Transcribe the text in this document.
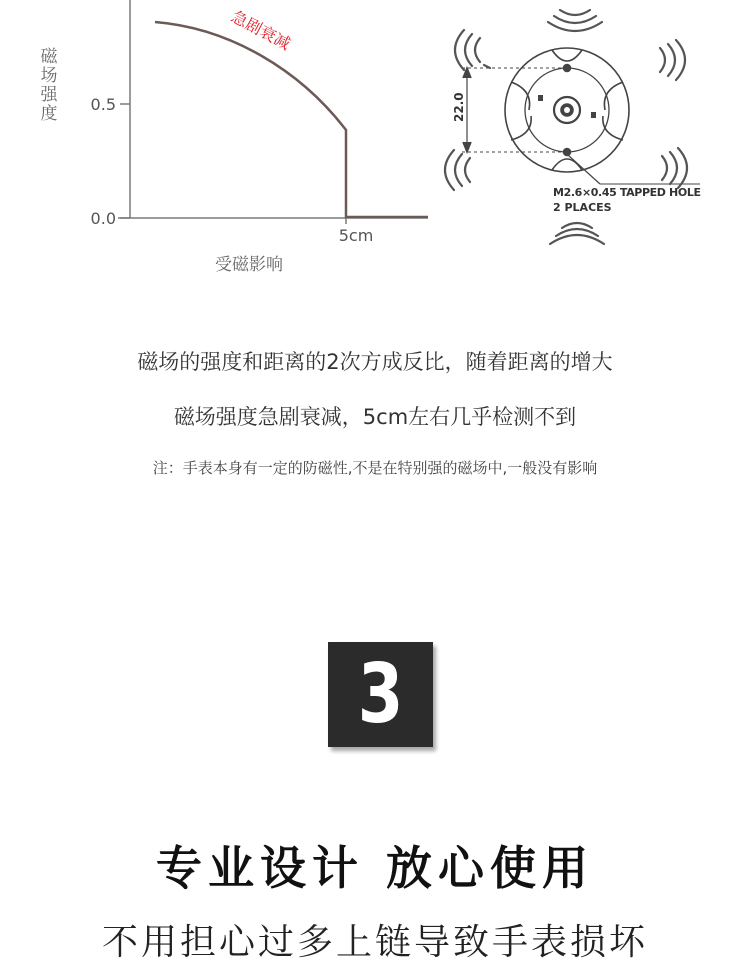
0.5
0.0
5cm
受磁影响
急剧衰减
22.0
M2.6×0.45 TAPPED HOLE
2 PLACES
磁场强度
磁场的强度和距离的2次方成反比，随着距离的增大
磁场强度急剧衰减，5cm左右几乎检测不到
注：手表本身有一定的防磁性,不是在特别强的磁场中,一般没有影响
3
专业设计 放心使用
不用担心过多上链导致手表损坏
